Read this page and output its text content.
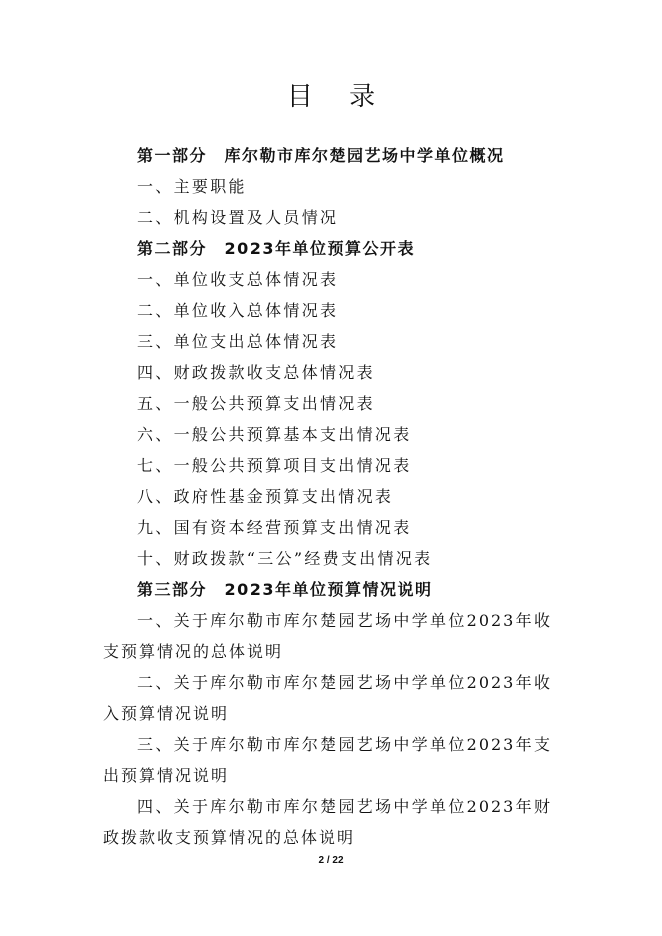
目 录
第一部分　库尔勒市库尔楚园艺场中学单位概况
一、主要职能
二、机构设置及人员情况
第二部分　2023年单位预算公开表
一、单位收支总体情况表
二、单位收入总体情况表
三、单位支出总体情况表
四、财政拨款收支总体情况表
五、一般公共预算支出情况表
六、一般公共预算基本支出情况表
七、一般公共预算项目支出情况表
八、政府性基金预算支出情况表
九、国有资本经营预算支出情况表
十、财政拨款“三公”经费支出情况表
第三部分　2023年单位预算情况说明
一、关于库尔勒市库尔楚园艺场中学单位2023年收支预算情况的总体说明
二、关于库尔勒市库尔楚园艺场中学单位2023年收入预算情况说明
三、关于库尔勒市库尔楚园艺场中学单位2023年支出预算情况说明
四、关于库尔勒市库尔楚园艺场中学单位2023年财政拨款收支预算情况的总体说明
2 / 22
